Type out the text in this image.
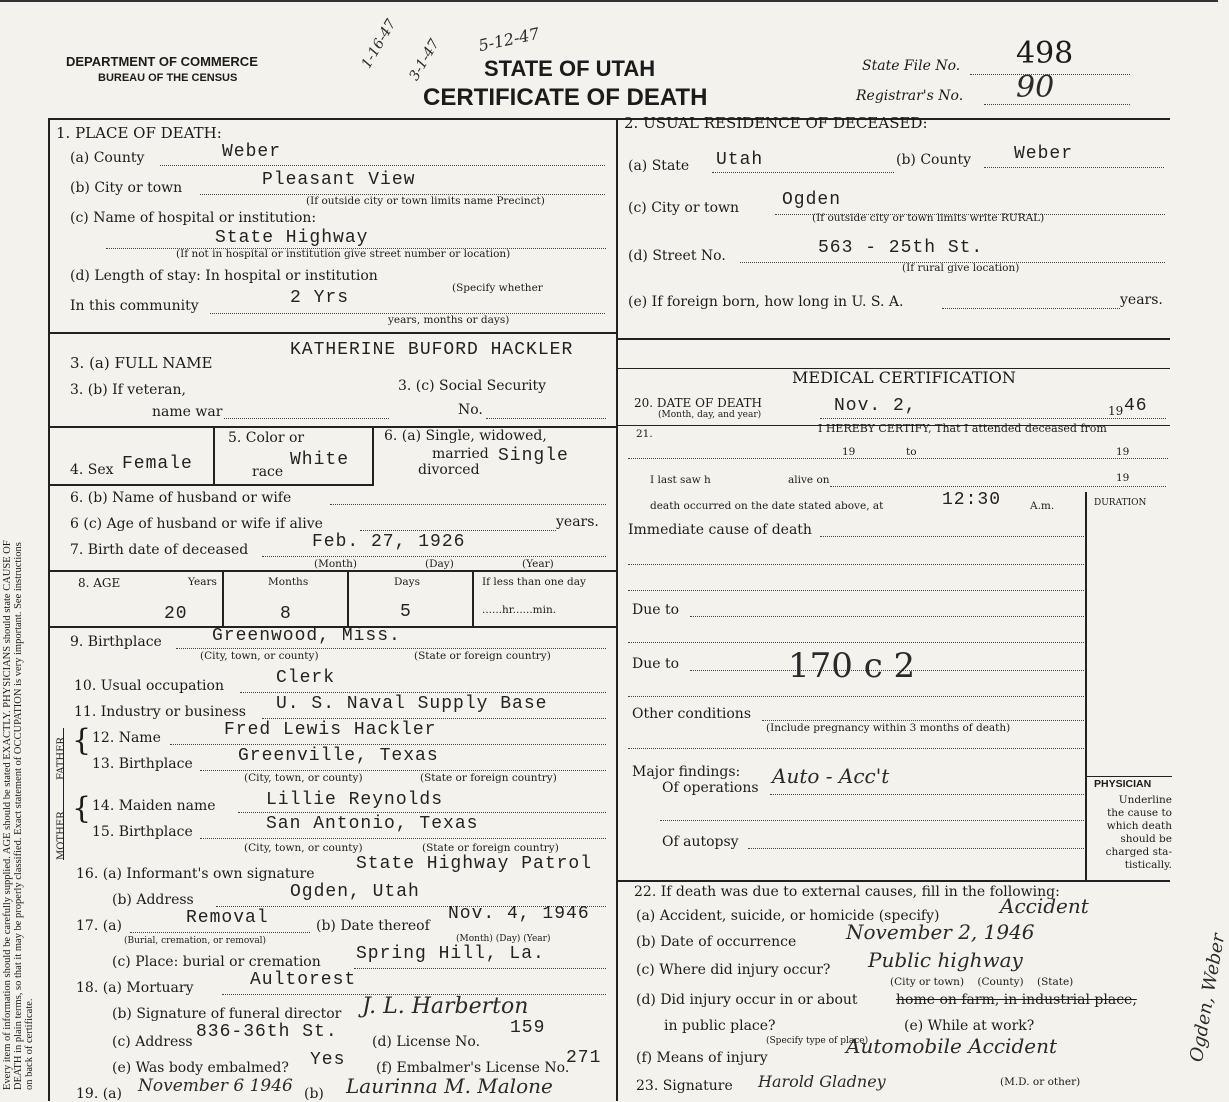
Every item of information should be carefully supplied. AGE should be stated EXACTLY. PHYSICIANS should state CAUSE OF DEATH in plain terms, so that it may be properly classified. Exact statement of OCCUPATION is very important. See instructions on back of certificate.
DEPARTMENT OF COMMERCE
BUREAU OF THE CENSUS	STATE OF UTAH
CERTIFICATE OF DEATH
1-16-47 3-1-47 5-12-47
State File No. 498
Registrar's No. 90
1. PLACE OF DEATH:
(a) County	Weber
(b) City or town	Pleasant View
(If outside city or town limits name Precinct)
(c) Name of hospital or institution:
State Highway
(If not in hospital or institution give street number or location)
(d) Length of stay: In hospital or institution
(Specify whether
In this community	2 Yrs
years, months or days)
2. USUAL RESIDENCE OF DECEASED:
(a) State Utah	(b) County Weber
(c) City or town Ogden
(If outside city or town limits write RURAL)
(d) Street No.	563 - 25th St.
(If rural give location)
(e) If foreign born, how long in U. S. A.	years.
3. (a) FULL NAME
KATHERINE BUFORD HACKLER
3. (b) If veteran,
name war
3. (c) Social Security
No.
4. Sex Female
5. Color or
race
White
6. (a) Single, widowed,
married
divorced
Single
6. (b) Name of husband or wife
6 (c) Age of husband or wife if alive	years.
7. Birth date of deceased	Feb. 27, 1926
(Month)	(Day)	(Year)
8. AGE	Years	Months	Days	If less than one day
......hr......min.
20	8	5
9. Birthplace	Greenwood, Miss.
(City, town, or county)	(State or foreign country)
10. Usual occupation	Clerk
11. Industry or business U. S. Naval Supply Base
FATHER
MOTHER
{
{
12. Name	Fred Lewis Hackler
13. Birthplace	Greenville, Texas
(City, town, or county)	(State or foreign country)
14. Maiden name	Lillie Reynolds
15. Birthplace	San Antonio, Texas
(City, town, or county)	(State or foreign country)
16. (a) Informant's own signature State Highway Patrol
(b) Address	Ogden, Utah
17. (a)	Removal
(Burial, cremation, or removal)
(b) Date thereof
Nov. 4, 1946
(Month) (Day) (Year)
(c) Place: burial or cremation Spring Hill, La.
18. (a) Mortuary	Aultorest
(b) Signature of funeral director J. L. Harberton
(c) Address 836-36th St. (d) License No.
159
(e) Was body embalmed? Yes (f) Embalmer's License No.
271
19. (a) November 6 1946 (b) Laurinna M. Malone
MEDICAL CERTIFICATION
20. DATE OF DEATH
(Month, day, and year)	Nov. 2,	19 46
21.	I HEREBY CERTIFY, That I attended deceased from
19	to	19
I last saw h	alive on	19
death occurred on the date stated above, at	12:30	A.m.	DURATION
Immediate cause of death
Due to
Due to	170 c 2
Other conditions
(Include pregnancy within 3 months of death)
Major findings:
Of operations Auto - Acc't
Of autopsy
PHYSICIAN
Underline
the cause to
which death
should be
charged sta-
tistically.
22. If death was due to external causes, fill in the following:
(a) Accident, suicide, or homicide (specify)	Accident
(b) Date of occurrence November 2, 1946
(c) Where did injury occur? Public highway
(City or town)    (County)    (State)
(d) Did injury occur in or about	home on farm, in industrial place,
in public place?
(Specify type of place)
(e) While at work?
(f) Means of injury	Automobile Accident
23. Signature Harold Gladney	(M.D. or other)
Ogden, Weber
